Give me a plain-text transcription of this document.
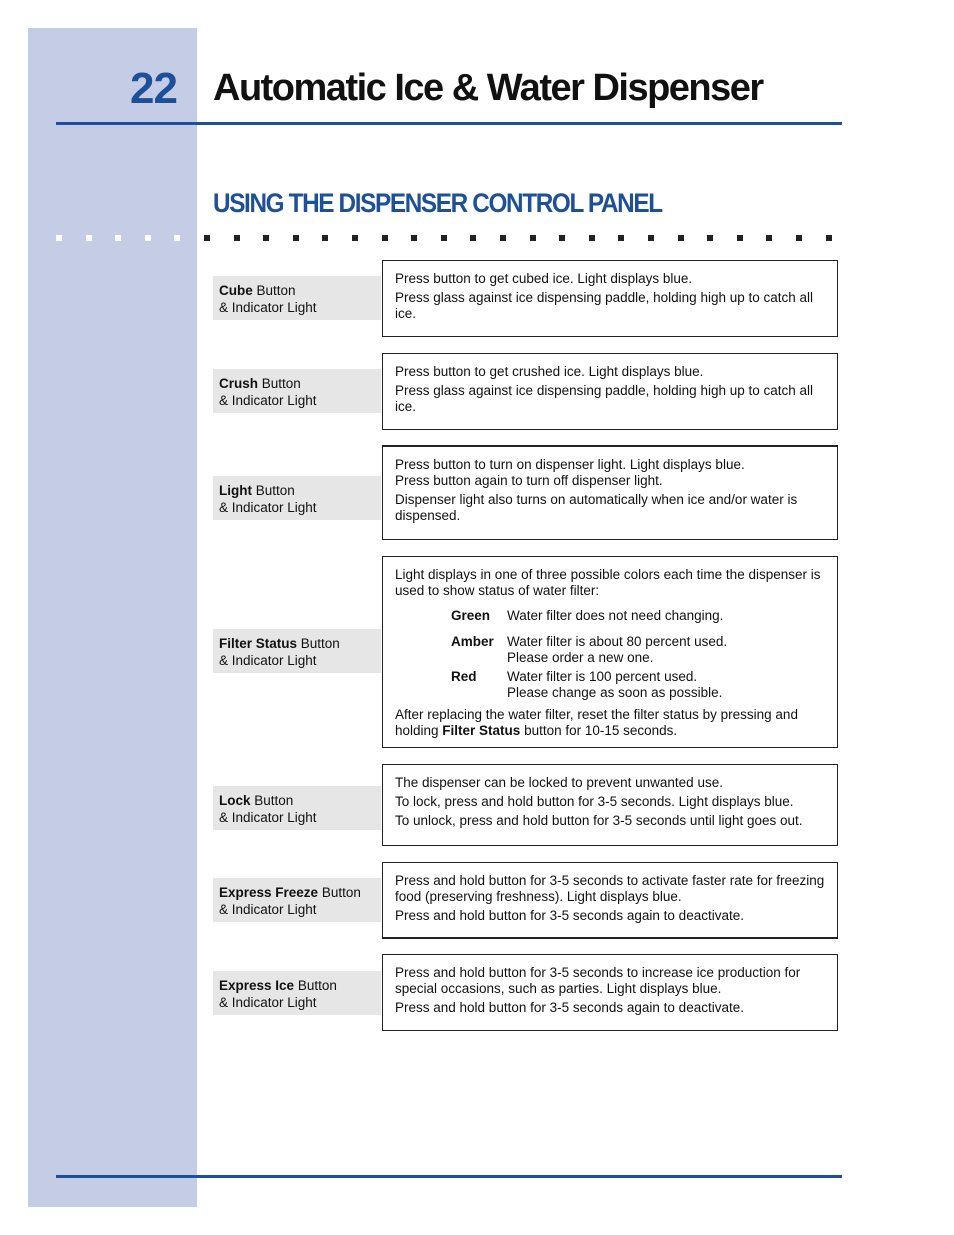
22 Automatic Ice & Water Dispenser
USING THE DISPENSER CONTROL PANEL
Cube Button
& Indicator Light

Press button to get cubed ice. Light displays blue.

Press glass against ice dispensing paddle, holding high up to catch all ice.

Crush Button
& Indicator Light

Press button to get crushed ice. Light displays blue.

Press glass against ice dispensing paddle, holding high up to catch all ice.

Light Button
& Indicator Light

Press button to turn on dispenser light. Light displays blue.

Press button again to turn off dispenser light.

Dispenser light also turns on automatically when ice and/or water is dispensed.

Filter Status Button
& Indicator Light

Light displays in one of three possible colors each time the dispenser is used to show status of water filter:

Green	Water filter does not need changing.
Amber Water filter is about 80 percent used.
Please order a new one.
Red	Water filter is 100 percent used.
Please change as soon as possible.

After replacing the water filter, reset the filter status by pressing and holding Filter Status button for 10-15 seconds.

Lock Button
& Indicator Light

The dispenser can be locked to prevent unwanted use.

To lock, press and hold button for 3-5 seconds. Light displays blue.

To unlock, press and hold button for 3-5 seconds until light goes out.

Express Freeze Button
& Indicator Light

Press and hold button for 3-5 seconds to activate faster rate for freezing food (preserving freshness). Light displays blue.

Press and hold button for 3-5 seconds again to deactivate.

Express Ice Button
& Indicator Light

Press and hold button for 3-5 seconds to increase ice production for special occasions, such as parties. Light displays blue.

Press and hold button for 3-5 seconds again to deactivate.
